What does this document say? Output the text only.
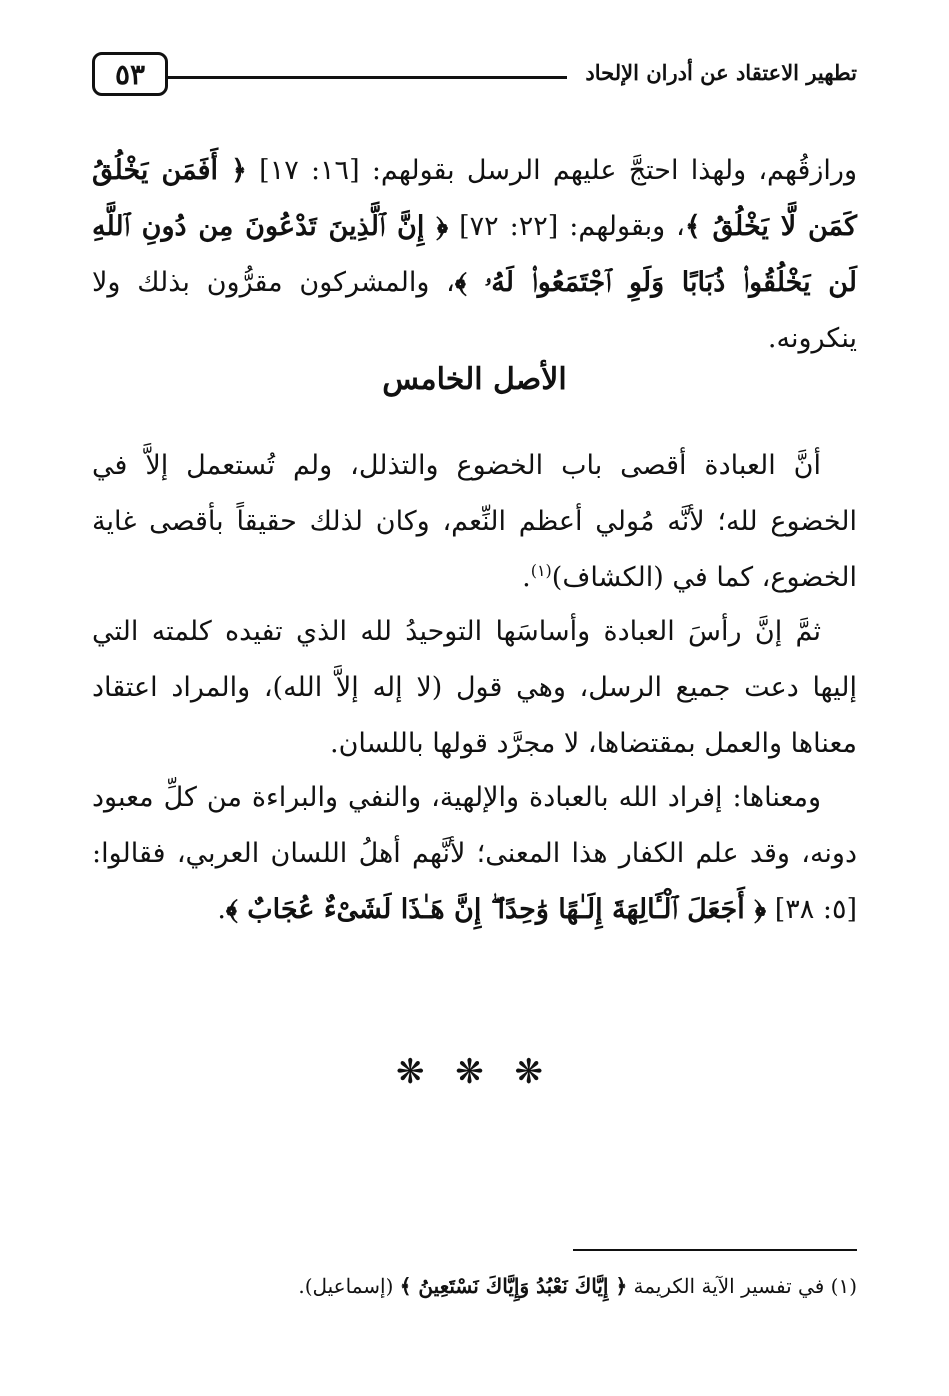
٥٣	تطهير الاعتقاد عن أدران الإلحاد
ورازقُهم، ولهذا احتجَّ عليهم الرسل بقولهم: [١٦: ١٧] ﴿ أَفَمَن يَخْلُقُ كَمَن لَّا يَخْلُقُ ﴾، وبقولهم: [٢٢: ٧٢] ﴿ إِنَّ ٱلَّذِينَ تَدْعُونَ مِن دُونِ ٱللَّهِ لَن يَخْلُقُوا۟ ذُبَابًا وَلَوِ ٱجْتَمَعُوا۟ لَهُۥ ﴾، والمشركون مقرُّون بذلك ولا ينكرونه.
الأصل الخامس
أنَّ العبادة أقصى باب الخضوع والتذلل، ولم تُستعمل إلاَّ في الخضوع لله؛ لأنَّه مُولي أعظم النِّعم، وكان لذلك حقيقاً بأقصى غاية الخضوع، كما في (الكشاف)$^{(١)}$.
ثمَّ إنَّ رأسَ العبادة وأساسَها التوحيدُ لله الذي تفيده كلمته التي إليها دعت جميع الرسل، وهي قول (لا إله إلاَّ الله)، والمراد اعتقاد معناها والعمل بمقتضاها، لا مجرَّد قولها باللسان.
ومعناها: إفراد الله بالعبادة والإلهية، والنفي والبراءة من كلِّ معبود دونه، وقد علم الكفار هذا المعنى؛ لأنَّهم أهلُ اللسان العربي، فقالوا: [٥: ٣٨] ﴿ أَجَعَلَ ٱلْـَٔالِهَةَ إِلَـٰهًا وَٰحِدًا ۖ إِنَّ هَـٰذَا لَشَىْءٌ عُجَابٌ ﴾.
❋ ❋ ❋
(١) في تفسير الآية الكريمة ﴿ إِيَّاكَ نَعْبُدُ وَإِيَّاكَ نَسْتَعِينُ ﴾ (إسماعيل).
